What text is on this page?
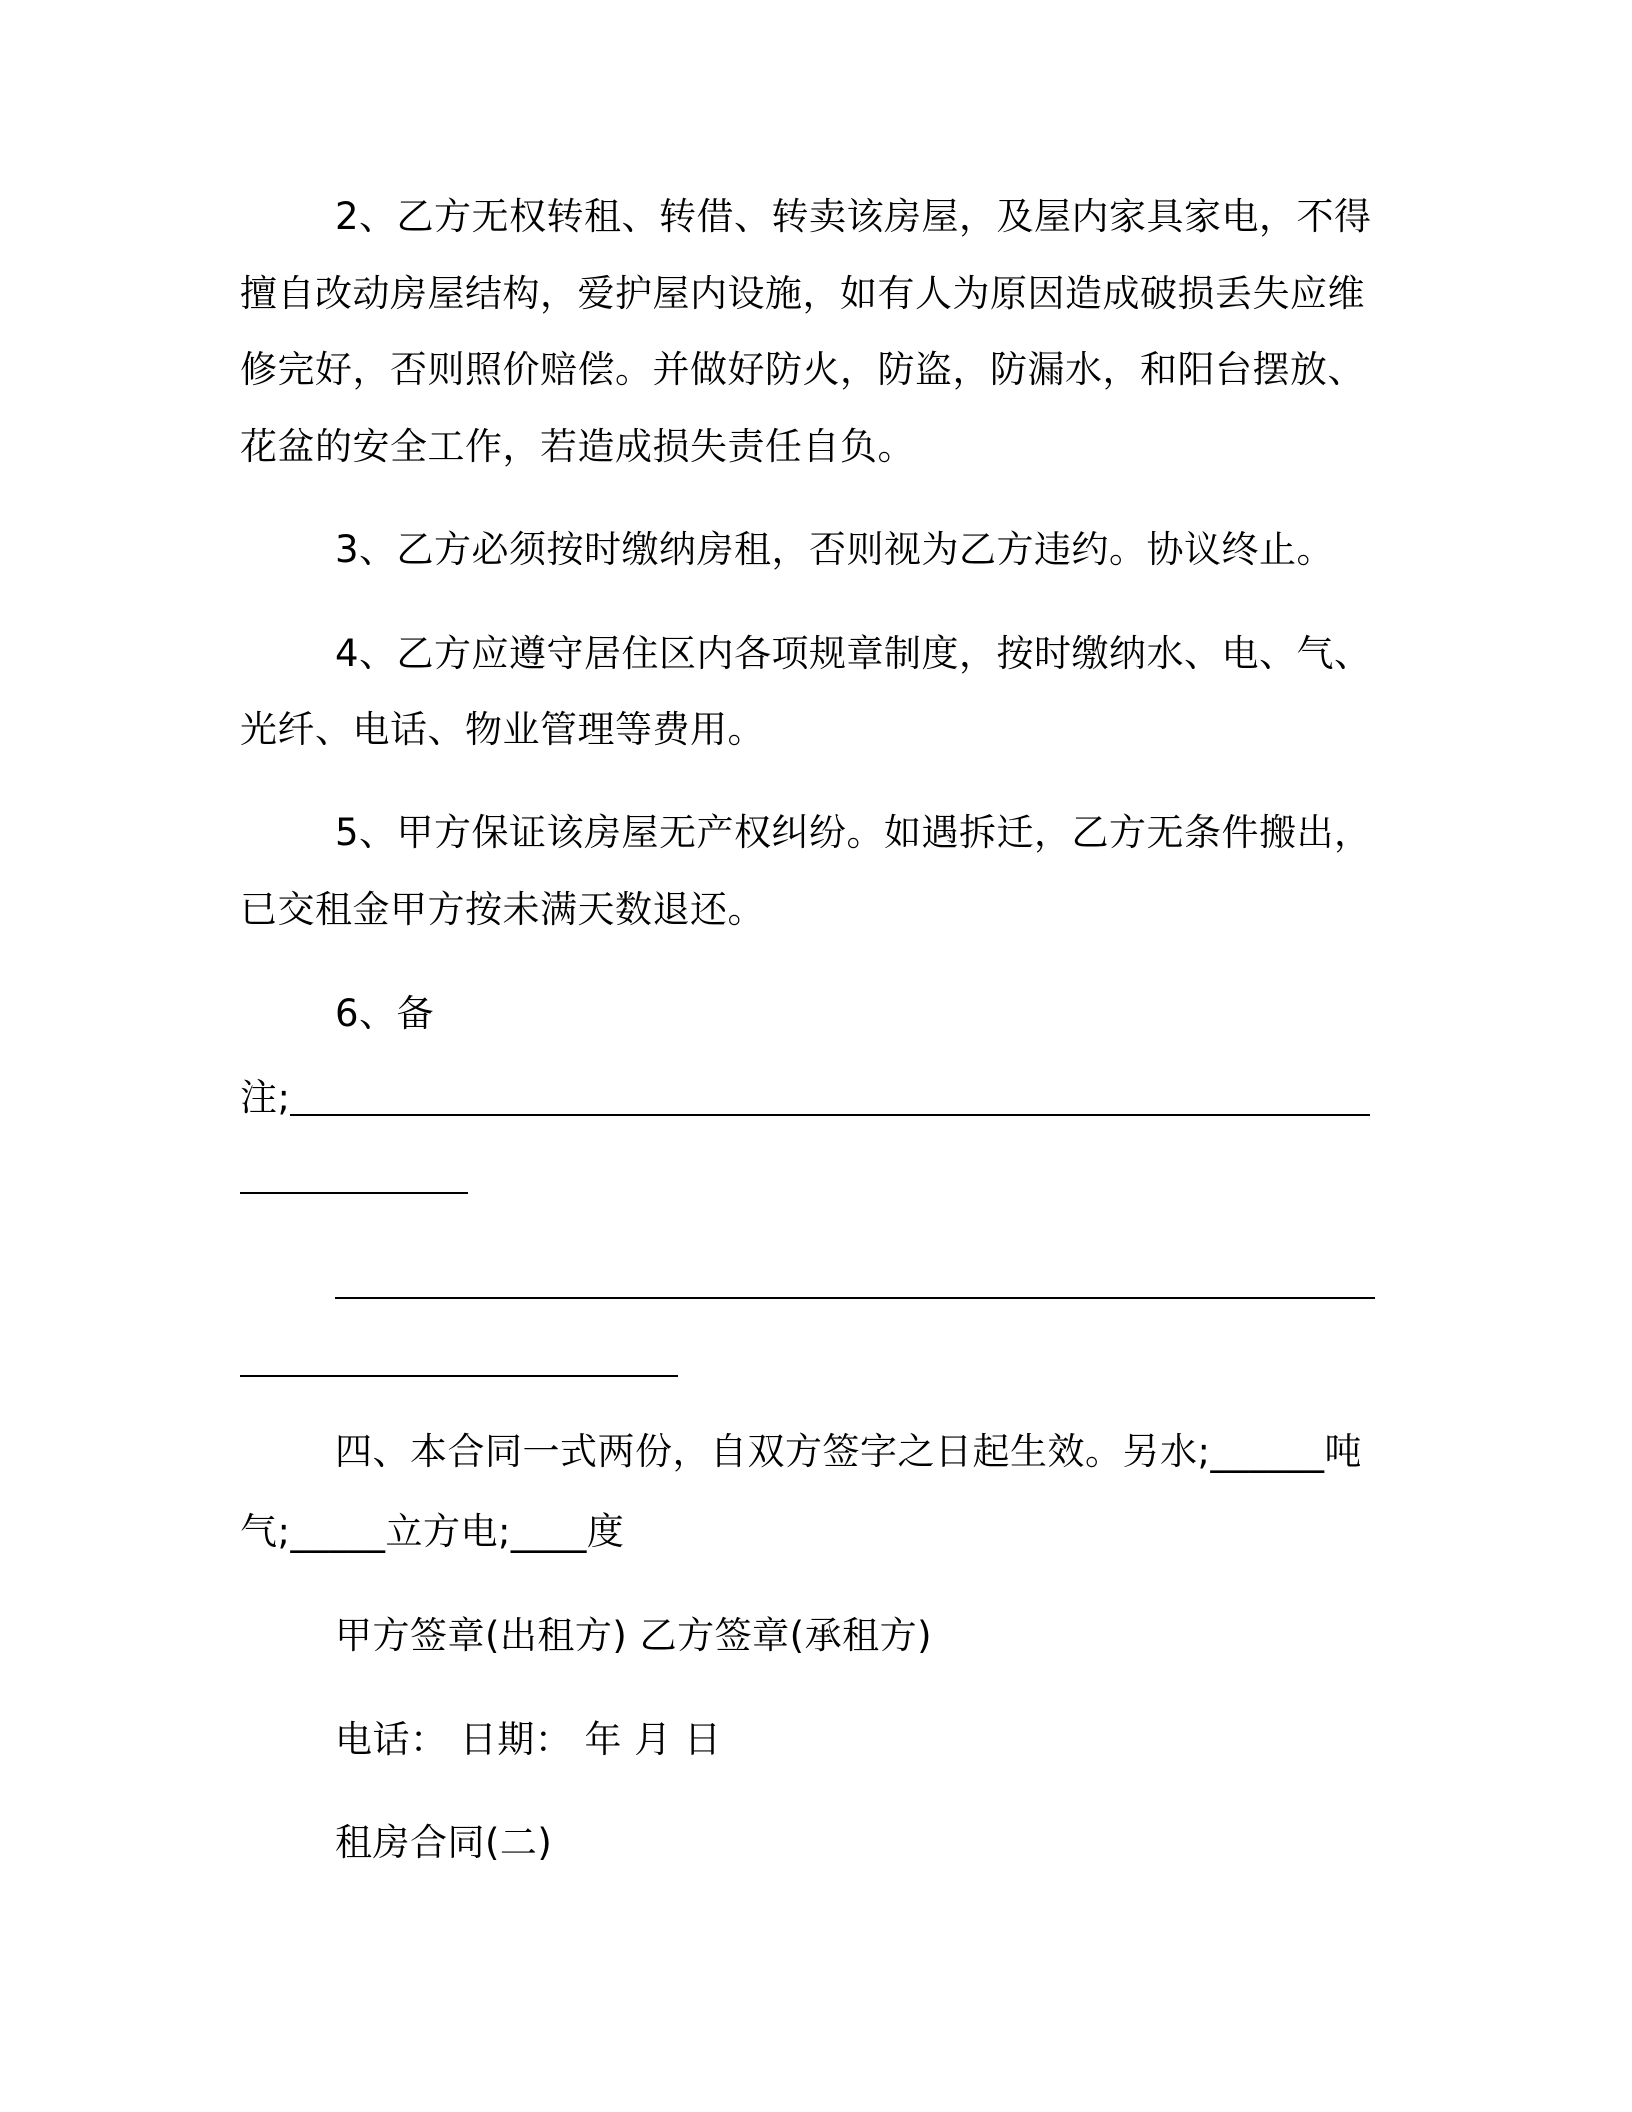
2、乙方无权转租、转借、转卖该房屋，及屋内家具家电，不得
擅自改动房屋结构，爱护屋内设施，如有人为原因造成破损丢失应维
修完好，否则照价赔偿。并做好防火，防盗，防漏水，和阳台摆放、
花盆的安全工作，若造成损失责任自负。
3、乙方必须按时缴纳房租，否则视为乙方违约。协议终止。
4、乙方应遵守居住区内各项规章制度，按时缴纳水、电、气、
光纤、电话、物业管理等费用。
5、甲方保证该房屋无产权纠纷。如遇拆迁，乙方无条件搬出，
已交租金甲方按未满天数退还。
6、备
注;
四、本合同一式两份，自双方签字之日起生效。另水;______吨
气;_____立方电;____度
甲方签章(出租方) 乙方签章(承租方)
电话： 日期： 年 月 日
租房合同(二)
